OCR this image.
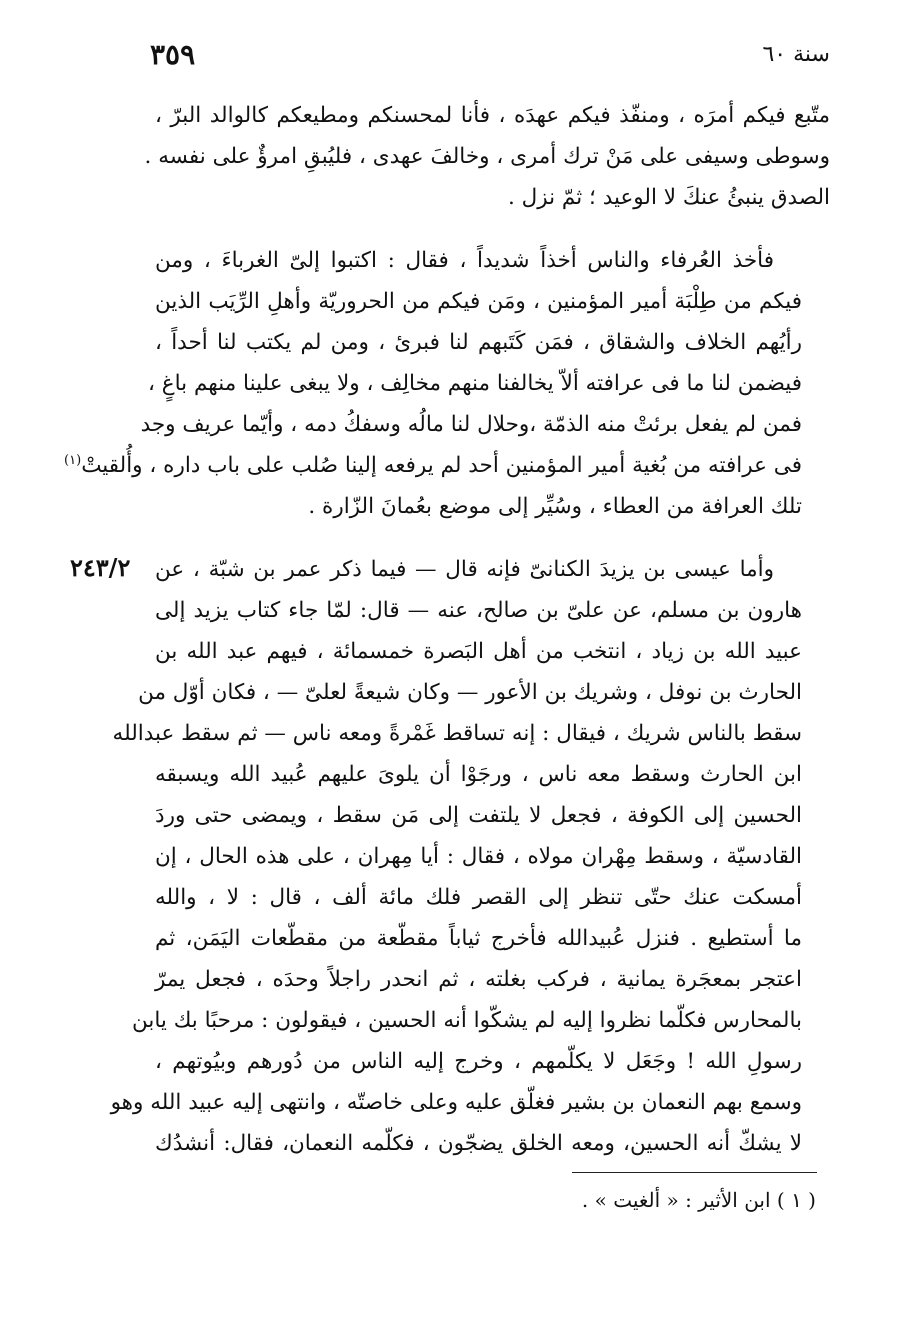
٣٥٩	سنة ٦٠
٢٤٣/٢
متّبع فيكم أمرَه ، ومنفّذ فيكم عهدَه ، فأنا لمحسنكم ومطيعكم كالوالد البرّ ،
وسوطى وسيفى على مَنْ ترك أمرى ، وخالفَ عهدى ، فليُبقِ امرؤٌ على نفسه .
الصدق ينبئُ عنكَ لا الوعيد ؛ ثمّ نزل .
فأخذ العُرفاء والناس أخذاً شديداً ، فقال : اكتبوا إلىّ الغرباءَ ، ومن
فيكم من طِلْبَة أمير المؤمنين ، ومَن فيكم من الحروريّة وأهلِ الرِّيَب الذين
رأيُهم الخلاف والشقاق ، فمَن كَتَبهم لنا فبرئ ، ومن لم يكتب لنا أحداً ،
فيضمن لنا ما فى عرافته ألاّ يخالفنا منهم مخالِف ، ولا يبغى علينا منهم باغٍ ،
فمن لم يفعل برئتْ منه الذمّة ،وحلال لنا مالُه وسفكُ دمه ، وأيّما عريف وجد
فى عرافته من بُغية أمير المؤمنين أحد لم يرفعه إلينا صُلب على باب داره ، وأُلقيتْ$^{(١)}$
تلك العرافة من العطاء ، وسُيِّر إلى موضع بعُمانَ الزّارة .
وأما عيسى بن يزيدَ الكنانىّ فإنه قال — فيما ذكر عمر بن شبّة ، عن
هارون بن مسلم، عن علىّ بن صالح، عنه — قال: لمّا جاء كتاب يزيد إلى
عبيد الله بن زياد ، انتخب من أهل البَصرة خمسمائة ، فيهم عبد الله بن
الحارث بن نوفل ، وشريك بن الأعور — وكان شيعةً لعلىّ — ، فكان أوّل من
سقط بالناس شريك ، فيقال : إنه تساقط غَمْرةً ومعه ناس — ثم سقط عبدالله
ابن الحارث وسقط معه ناس ، ورجَوْا أن يلوىَ عليهم عُبيد الله ويسبقه
الحسين إلى الكوفة ، فجعل لا يلتفت إلى مَن سقط ، ويمضى حتى وردَ
القادسيّة ، وسقط مِهْران مولاه ، فقال : أيا مِهران ، على هذه الحال ، إن
أمسكت عنك حتّى تنظر إلى القصر فلك مائة ألف ، قال : لا ، والله
ما أستطيع . فنزل عُبيدالله فأخرج ثياباً مقطّعة من مقطّعات اليَمَن، ثم
اعتجر بمعجَرة يمانية ، فركب بغلته ، ثم انحدر راجلاً وحدَه ، فجعل يمرّ
بالمحارس فكلّما نظروا إليه لم يشكّوا أنه الحسين ، فيقولون : مرحبًا بك يابن
رسولِ الله ! وجَعَل لا يكلّمهم ، وخرج إليه الناس من دُورهم وبيُوتهم ،
وسمع بهم النعمان بن بشير فغلّق عليه وعلى خاصتّه ، وانتهى إليه عبيد الله وهو
لا يشكّ أنه الحسين، ومعه الخلق يضجّون ، فكلّمه النعمان، فقال: أنشدُك
( ١ ) ابن الأثير : « ألغيت » .
